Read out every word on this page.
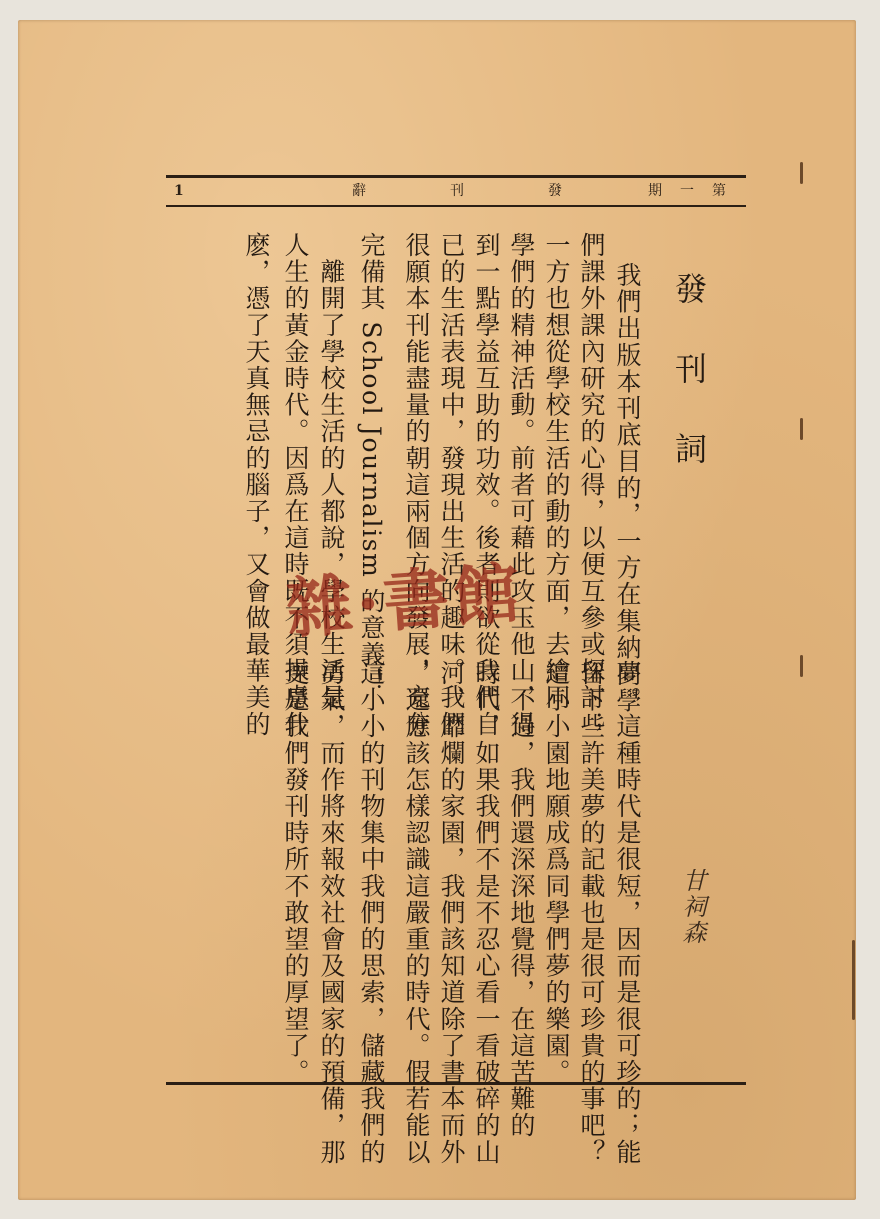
1	發
刊
辭	第
一
期
發刊詞
甘祠森
我們出版本刊底目的，一方在集納同學
們課外課內研究的心得，以便互參或探討；
一方也想從學校生活的動的方面，去繪同
學們的精神活動。前者可藉此攻玉他山，得
到一點學益互助的功效。後者則欲從我們自
已的生活表現中，發現出生活的趣味。我們
很願本刊能盡量的朝這兩個方向發展，充分
完備其 School Journalism 的意義！
　離開了學校生活的人都說，學校生活是
人生的黃金時代。因爲在這時既不須操慮什
麽，憑了天真無忌的腦子，又會做最華美的
夢。這種時代是很短，因而是很可珍的；能
留下些許美夢的記載也是很可珍貴的事吧？
這小小園地願成爲同學們夢的樂園。
　不過，我們還深深地覺得，在這苦難的
時代，如果我們不是不忍心看一看破碎的山
河，靡爛的家園，我們該知道除了書本而外
，還應該怎樣認識這嚴重的時代。假若能以
這小小的刊物集中我們的思索，儲藏我們的
勇氣，而作將來報效社會及國家的預備，那
更是我們發刊時所不敢望的厚望了。
雜·書館
